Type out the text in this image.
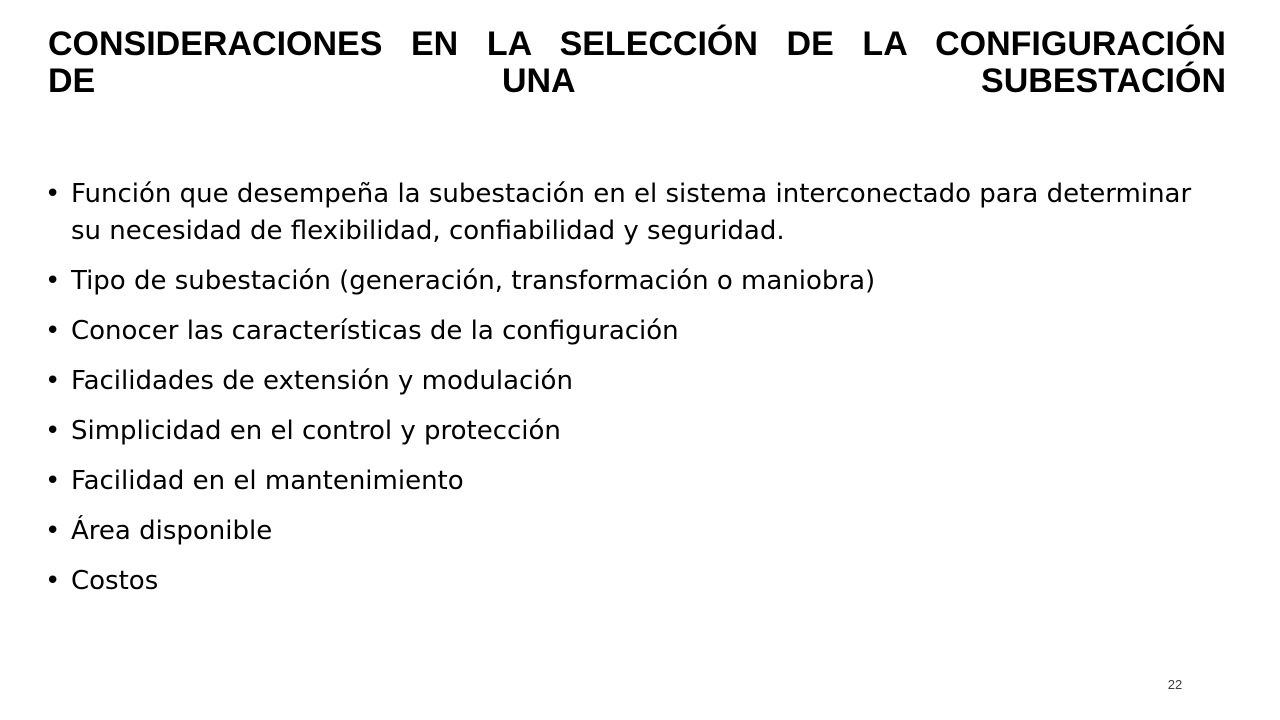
CONSIDERACIONES EN LA SELECCIÓN DE LA CONFIGURACIÓN
DE UNA SUBESTACIÓN
• Función que desempeña la subestación en el sistema interconectado para determinar su necesidad de flexibilidad, confiabilidad y seguridad.
• Tipo de subestación (generación, transformación o maniobra)
• Conocer las características de la configuración
• Facilidades de extensión y modulación
• Simplicidad en el control y protección
• Facilidad en el mantenimiento
• Área disponible
• Costos
22
